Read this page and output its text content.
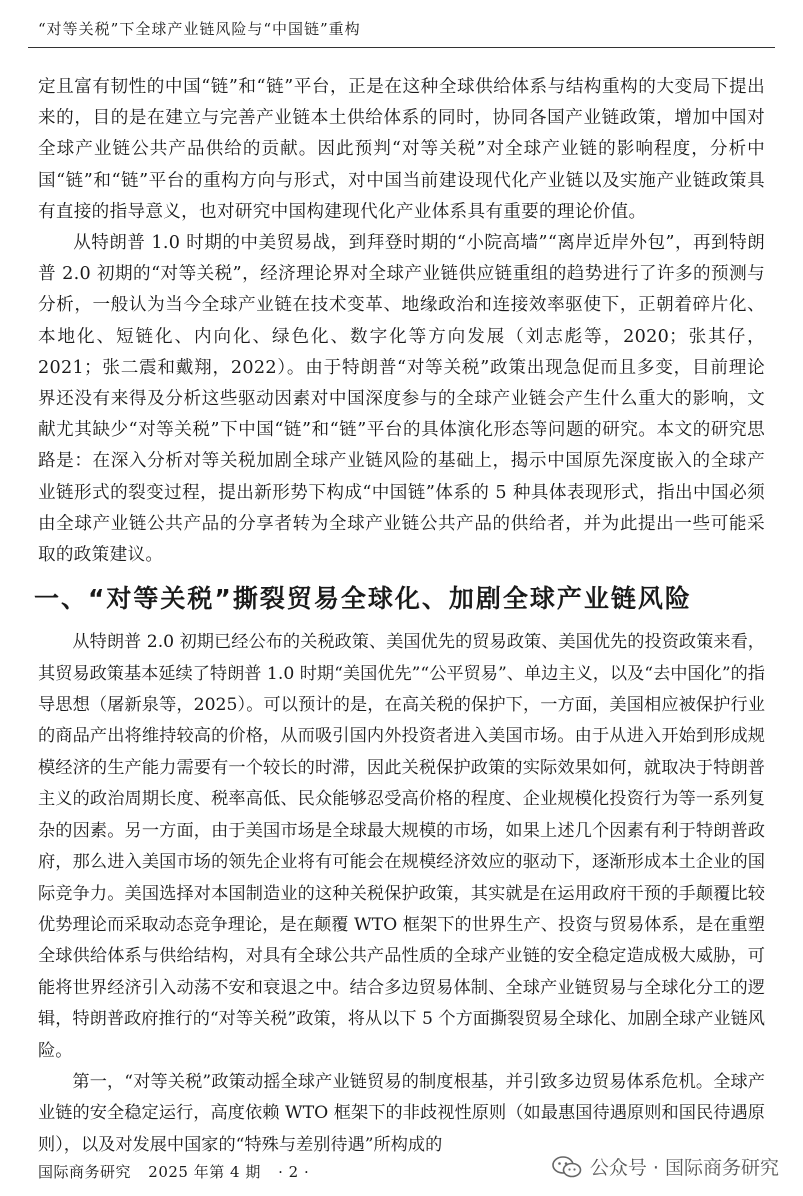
“对等关税”下全球产业链风险与“中国链”重构

定且富有韧性的中国“链”和“链”平台，正是在这种全球供给体系与结构重构的大变局下提出来的，目的是在建立与完善产业链本土供给体系的同时，协同各国产业链政策，增加中国对全球产业链公共产品供给的贡献。因此预判“对等关税”对全球产业链的影响程度，分析中国“链”和“链”平台的重构方向与形式，对中国当前建设现代化产业链以及实施产业链政策具有直接的指导意义，也对研究中国构建现代化产业体系具有重要的理论价值。

从特朗普 1.0 时期的中美贸易战，到拜登时期的“小院高墙”“离岸近岸外包”，再到特朗普 2.0 初期的“对等关税”，经济理论界对全球产业链供应链重组的趋势进行了许多的预测与分析，一般认为当今全球产业链在技术变革、地缘政治和连接效率驱使下，正朝着碎片化、本地化、短链化、内向化、绿色化、数字化等方向发展（刘志彪等，2020；张其仔，2021；张二震和戴翔，2022）。由于特朗普“对等关税”政策出现急促而且多变，目前理论界还没有来得及分析这些驱动因素对中国深度参与的全球产业链会产生什么重大的影响，文献尤其缺少“对等关税”下中国“链”和“链”平台的具体演化形态等问题的研究。本文的研究思路是：在深入分析对等关税加剧全球产业链风险的基础上，揭示中国原先深度嵌入的全球产业链形式的裂变过程，提出新形势下构成“中国链”体系的 5 种具体表现形式，指出中国必须由全球产业链公共产品的分享者转为全球产业链公共产品的供给者，并为此提出一些可能采取的政策建议。

一、“对等关税”撕裂贸易全球化、加剧全球产业链风险

从特朗普 2.0 初期已经公布的关税政策、美国优先的贸易政策、美国优先的投资政策来看，其贸易政策基本延续了特朗普 1.0 时期“美国优先”“公平贸易”、单边主义，以及“去中国化”的指导思想（屠新泉等，2025）。可以预计的是，在高关税的保护下，一方面，美国相应被保护行业的商品产出将维持较高的价格，从而吸引国内外投资者进入美国市场。由于从进入开始到形成规模经济的生产能力需要有一个较长的时滞，因此关税保护政策的实际效果如何，就取决于特朗普主义的政治周期长度、税率高低、民众能够忍受高价格的程度、企业规模化投资行为等一系列复杂的因素。另一方面，由于美国市场是全球最大规模的市场，如果上述几个因素有利于特朗普政府，那么进入美国市场的领先企业将有可能会在规模经济效应的驱动下，逐渐形成本土企业的国际竞争力。美国选择对本国制造业的这种关税保护政策，其实就是在运用政府干预的手颠覆比较优势理论而采取动态竞争理论，是在颠覆 WTO 框架下的世界生产、投资与贸易体系，是在重塑全球供给体系与供给结构，对具有全球公共产品性质的全球产业链的安全稳定造成极大威胁，可能将世界经济引入动荡不安和衰退之中。结合多边贸易体制、全球产业链贸易与全球化分工的逻辑，特朗普政府推行的“对等关税”政策，将从以下 5 个方面撕裂贸易全球化、加剧全球产业链风险。

第一，“对等关税”政策动摇全球产业链贸易的制度根基，并引致多边贸易体系危机。全球产业链的安全稳定运行，高度依赖 WTO 框架下的非歧视性原则（如最惠国待遇原则和国民待遇原则），以及对发展中国家的“特殊与差别待遇”所构成的

国际商务研究 2025 年第 4 期 · 2 ·	公众号 · 国际商务研究
